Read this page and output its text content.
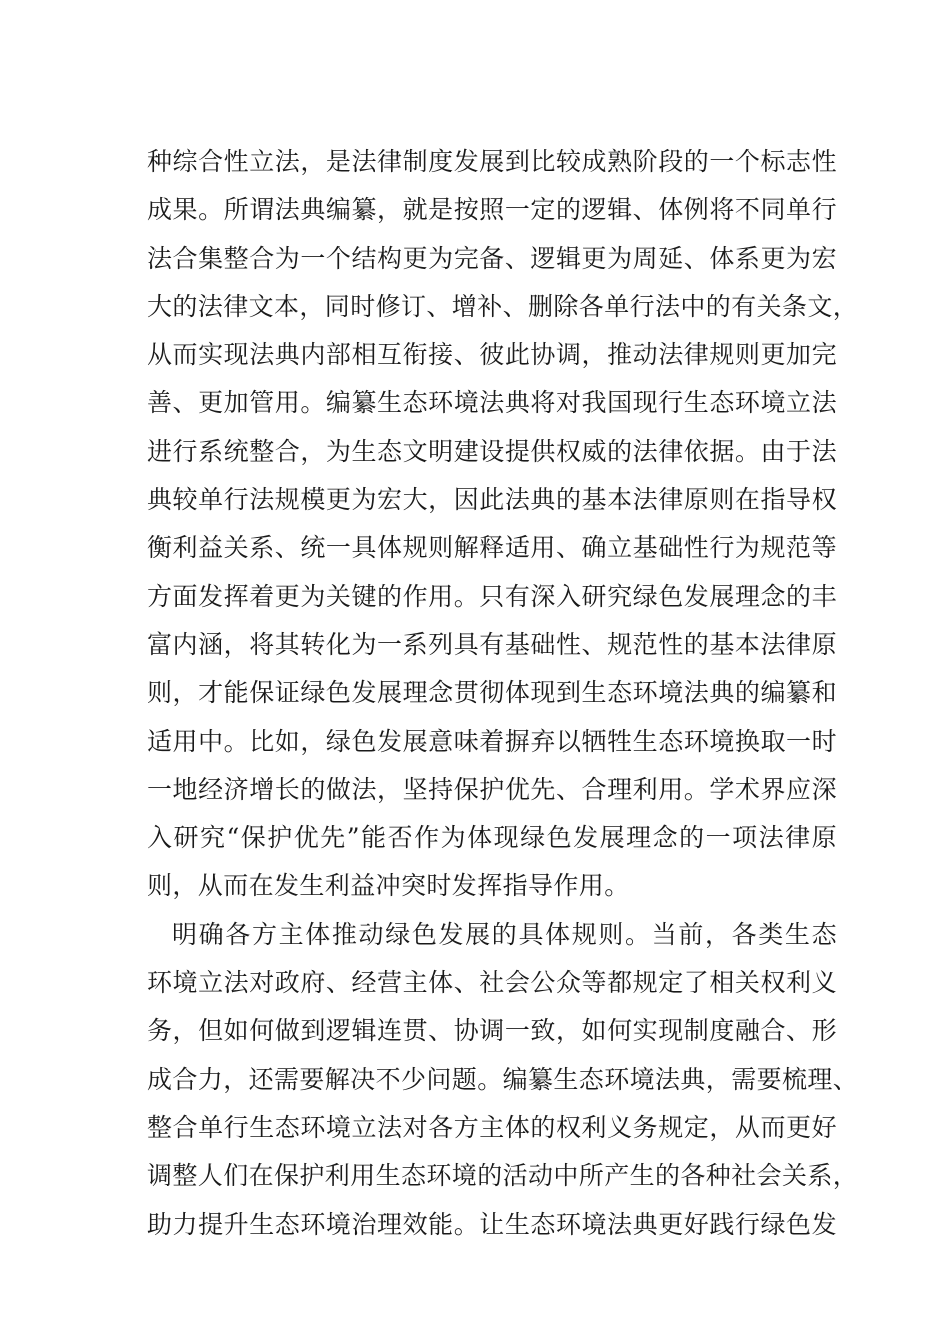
种综合性立法，是法律制度发展到比较成熟阶段的一个标志性
成果。所谓法典编纂，就是按照一定的逻辑、体例将不同单行
法合集整合为一个结构更为完备、逻辑更为周延、体系更为宏
大的法律文本，同时修订、增补、删除各单行法中的有关条文，
从而实现法典内部相互衔接、彼此协调，推动法律规则更加完
善、更加管用。编纂生态环境法典将对我国现行生态环境立法
进行系统整合，为生态文明建设提供权威的法律依据。由于法
典较单行法规模更为宏大，因此法典的基本法律原则在指导权
衡利益关系、统一具体规则解释适用、确立基础性行为规范等
方面发挥着更为关键的作用。只有深入研究绿色发展理念的丰
富内涵，将其转化为一系列具有基础性、规范性的基本法律原
则，才能保证绿色发展理念贯彻体现到生态环境法典的编纂和
适用中。比如，绿色发展意味着摒弃以牺牲生态环境换取一时
一地经济增长的做法，坚持保护优先、合理利用。学术界应深
入研究“保护优先”能否作为体现绿色发展理念的一项法律原
则，从而在发生利益冲突时发挥指导作用。
明确各方主体推动绿色发展的具体规则。当前，各类生态
环境立法对政府、经营主体、社会公众等都规定了相关权利义
务，但如何做到逻辑连贯、协调一致，如何实现制度融合、形
成合力，还需要解决不少问题。编纂生态环境法典，需要梳理、
整合单行生态环境立法对各方主体的权利义务规定，从而更好
调整人们在保护利用生态环境的活动中所产生的各种社会关系，
助力提升生态环境治理效能。让生态环境法典更好践行绿色发
